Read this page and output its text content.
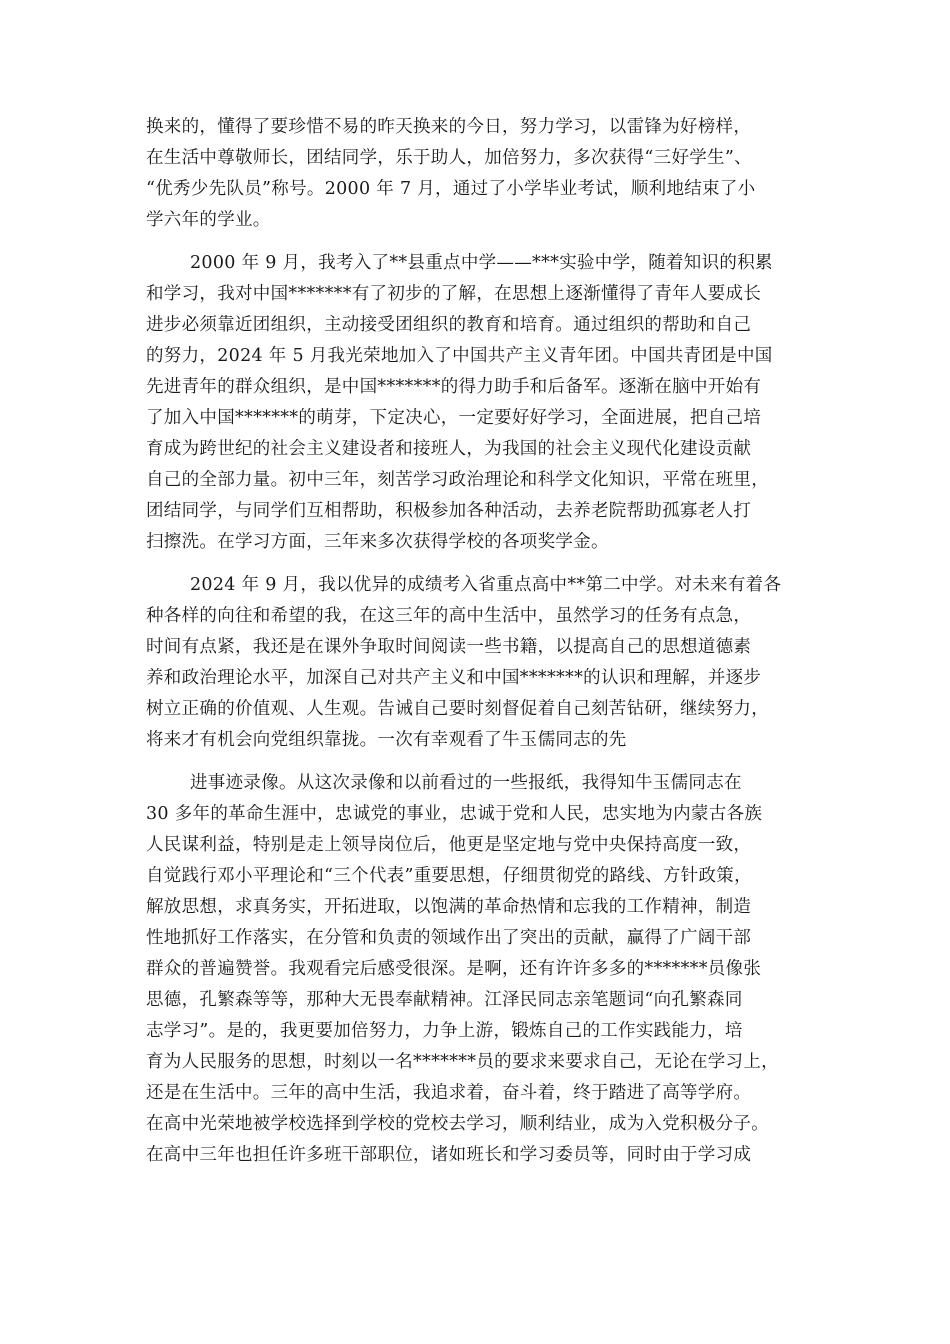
换来的，懂得了要珍惜不易的昨天换来的今日，努力学习，以雷锋为好榜样，
在生活中尊敬师长，团结同学，乐于助人，加倍努力，多次获得“三好学生”、
“优秀少先队员”称号。2000 年 7 月，通过了小学毕业考试，顺利地结束了小
学六年的学业。
2000 年 9 月，我考入了**县重点中学——***实验中学，随着知识的积累
和学习，我对中国*******有了初步的了解，在思想上逐渐懂得了青年人要成长
进步必须靠近团组织，主动接受团组织的教育和培育。通过组织的帮助和自己
的努力，2024 年 5 月我光荣地加入了中国共产主义青年团。中国共青团是中国
先进青年的群众组织，是中国*******的得力助手和后备军。逐渐在脑中开始有
了加入中国*******的萌芽，下定决心，一定要好好学习，全面进展，把自己培
育成为跨世纪的社会主义建设者和接班人，为我国的社会主义现代化建设贡献
自己的全部力量。初中三年，刻苦学习政治理论和科学文化知识，平常在班里，
团结同学，与同学们互相帮助，积极参加各种活动，去养老院帮助孤寡老人打
扫擦洗。在学习方面，三年来多次获得学校的各项奖学金。
2024 年 9 月，我以优异的成绩考入省重点高中**第二中学。对未来有着各
种各样的向往和希望的我，在这三年的高中生活中，虽然学习的任务有点急，
时间有点紧，我还是在课外争取时间阅读一些书籍，以提高自己的思想道德素
养和政治理论水平，加深自己对共产主义和中国*******的认识和理解，并逐步
树立正确的价值观、人生观。告诫自己要时刻督促着自己刻苦钻研，继续努力，
将来才有机会向党组织靠拢。一次有幸观看了牛玉儒同志的先
进事迹录像。从这次录像和以前看过的一些报纸，我得知牛玉儒同志在
30 多年的革命生涯中，忠诚党的事业，忠诚于党和人民，忠实地为内蒙古各族
人民谋利益，特别是走上领导岗位后，他更是坚定地与党中央保持高度一致，
自觉践行邓小平理论和“三个代表”重要思想，仔细贯彻党的路线、方针政策，
解放思想，求真务实，开拓进取，以饱满的革命热情和忘我的工作精神，制造
性地抓好工作落实，在分管和负责的领域作出了突出的贡献，赢得了广阔干部
群众的普遍赞誉。我观看完后感受很深。是啊，还有许许多多的*******员像张
思德，孔繁森等等，那种大无畏奉献精神。江泽民同志亲笔题词“向孔繁森同
志学习”。是的，我更要加倍努力，力争上游，锻炼自己的工作实践能力，培
育为人民服务的思想，时刻以一名*******员的要求来要求自己，无论在学习上，
还是在生活中。三年的高中生活，我追求着，奋斗着，终于踏进了高等学府。
在高中光荣地被学校选择到学校的党校去学习，顺利结业，成为入党积极分子。
在高中三年也担任许多班干部职位，诸如班长和学习委员等，同时由于学习成
